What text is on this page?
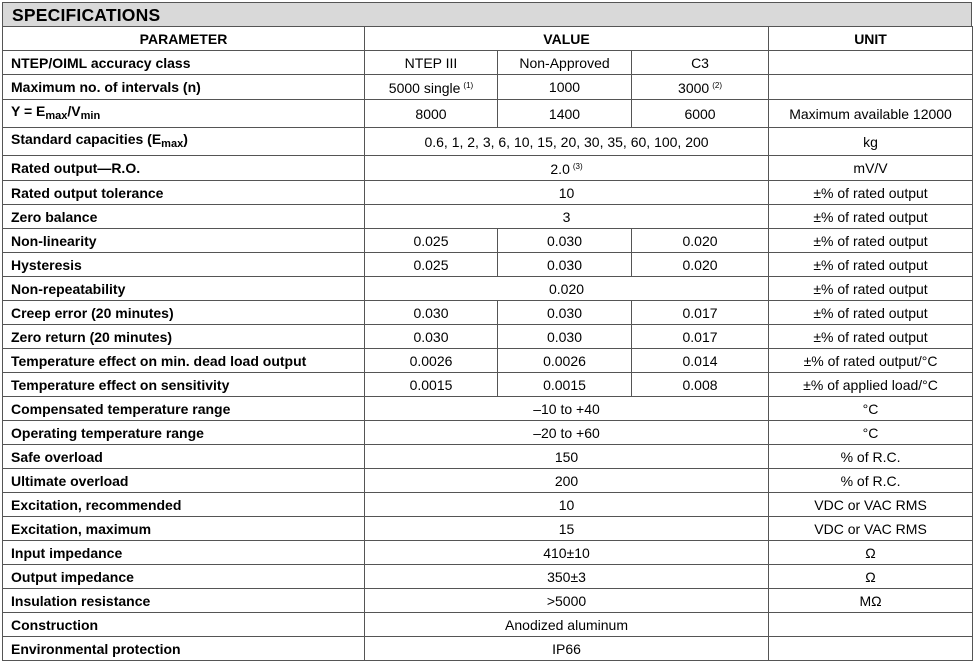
SPECIFICATIONS
PARAMETER	VALUE			UNIT
NTEP/OIML accuracy class	NTEP III	Non-Approved	C3	
Maximum no. of intervals (n)	5000 single $^{(1)}$	1000	3000 $^{(2)}$	
$Y = E_{max}/V_{min}$	8000	1400	6000	Maximum available 12000
Standard capacities $(E_{max})$	0.6, 1, 2, 3, 6, 10, 15, 20, 30, 35, 60, 100, 200			kg
Rated output—R.O.	2.0 $^{(3)}$			mV/V
Rated output tolerance	10			±% of rated output
Zero balance	3			±% of rated output
Non-linearity	0.025	0.030	0.020	±% of rated output
Hysteresis	0.025	0.030	0.020	±% of rated output
Non-repeatability	0.020			±% of rated output
Creep error (20 minutes)	0.030	0.030	0.017	±% of rated output
Zero return (20 minutes)	0.030	0.030	0.017	±% of rated output
Temperature effect on min. dead load output	0.0026	0.0026	0.014	±% of rated output/°C
Temperature effect on sensitivity	0.0015	0.0015	0.008	±% of applied load/°C
Compensated temperature range	–10 to +40			°C
Operating temperature range	–20 to +60			°C
Safe overload	150			% of R.C.
Ultimate overload	200			% of R.C.
Excitation, recommended	10			VDC or VAC RMS
Excitation, maximum	15			VDC or VAC RMS
Input impedance	410±10			Ω
Output impedance	350±3			Ω
Insulation resistance	>5000			MΩ
Construction	Anodized aluminum			
Environmental protection	IP66			
